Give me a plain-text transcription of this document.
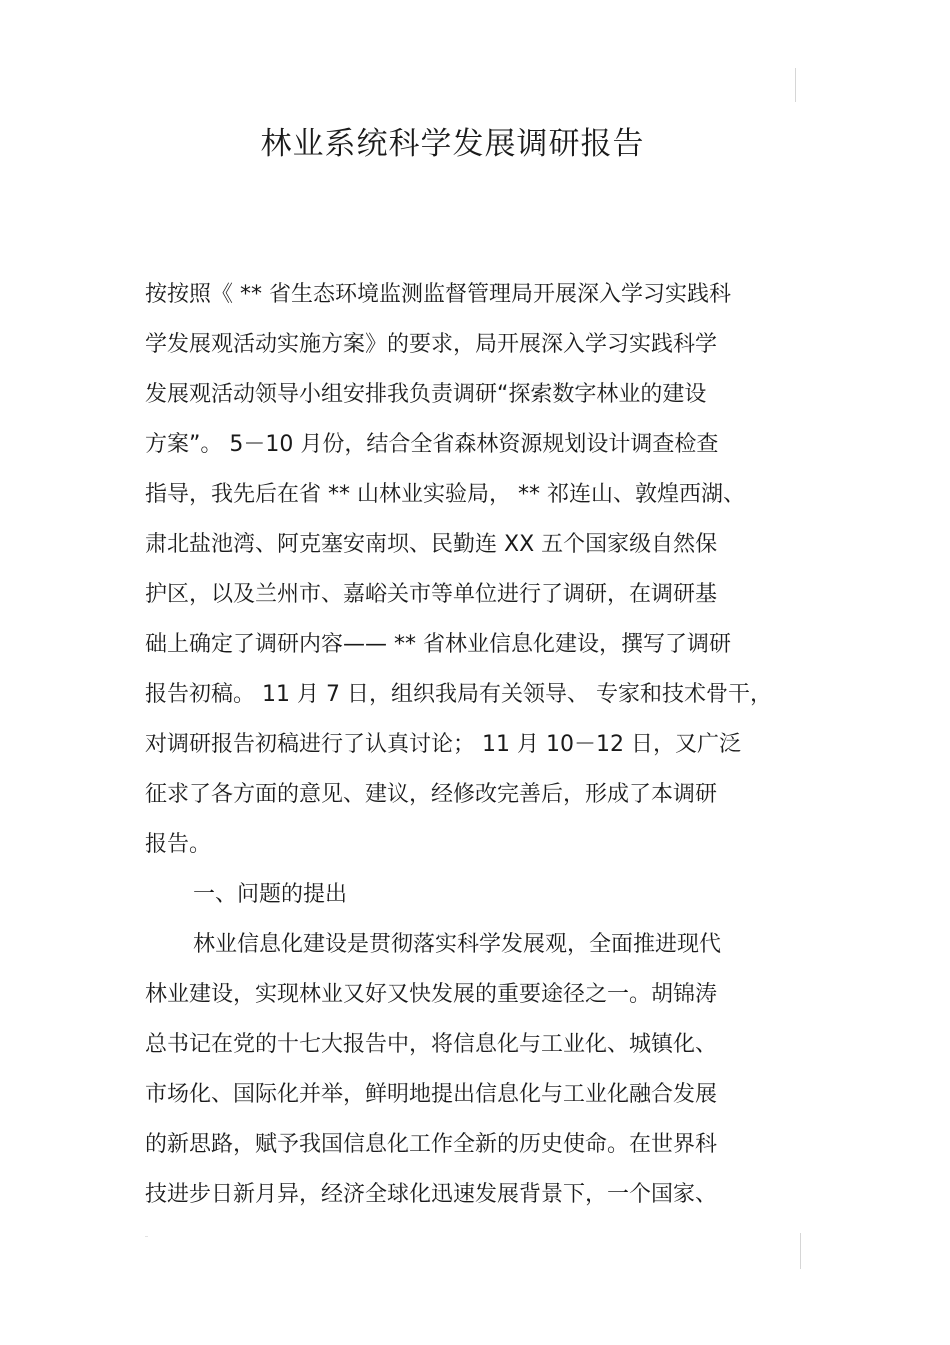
林业系统科学发展调研报告
按按照《 ** 省生态环境监测监督管理局开展深入学习实践科
学发展观活动实施方案》的要求，局开展深入学习实践科学
发展观活动领导小组安排我负责调研“探索数字林业的建设
方案”。 5－10 月份，结合全省森林资源规划设计调查检查
指导，我先后在省 ** 山林业实验局， ** 祁连山、敦煌西湖、
肃北盐池湾、阿克塞安南坝、民勤连 XX 五个国家级自然保
护区，以及兰州市、嘉峪关市等单位进行了调研，在调研基
础上确定了调研内容—— ** 省林业信息化建设，撰写了调研
报告初稿。 11 月 7 日，组织我局有关领导、 专家和技术骨干，
对调研报告初稿进行了认真讨论； 11 月 10－12 日，又广泛
征求了各方面的意见、建议，经修改完善后，形成了本调研
报告。
一、问题的提出
林业信息化建设是贯彻落实科学发展观，全面推进现代
林业建设，实现林业又好又快发展的重要途径之一。胡锦涛
总书记在党的十七大报告中，将信息化与工业化、城镇化、
市场化、国际化并举，鲜明地提出信息化与工业化融合发展
的新思路，赋予我国信息化工作全新的历史使命。在世界科
技进步日新月异，经济全球化迅速发展背景下，一个国家、
